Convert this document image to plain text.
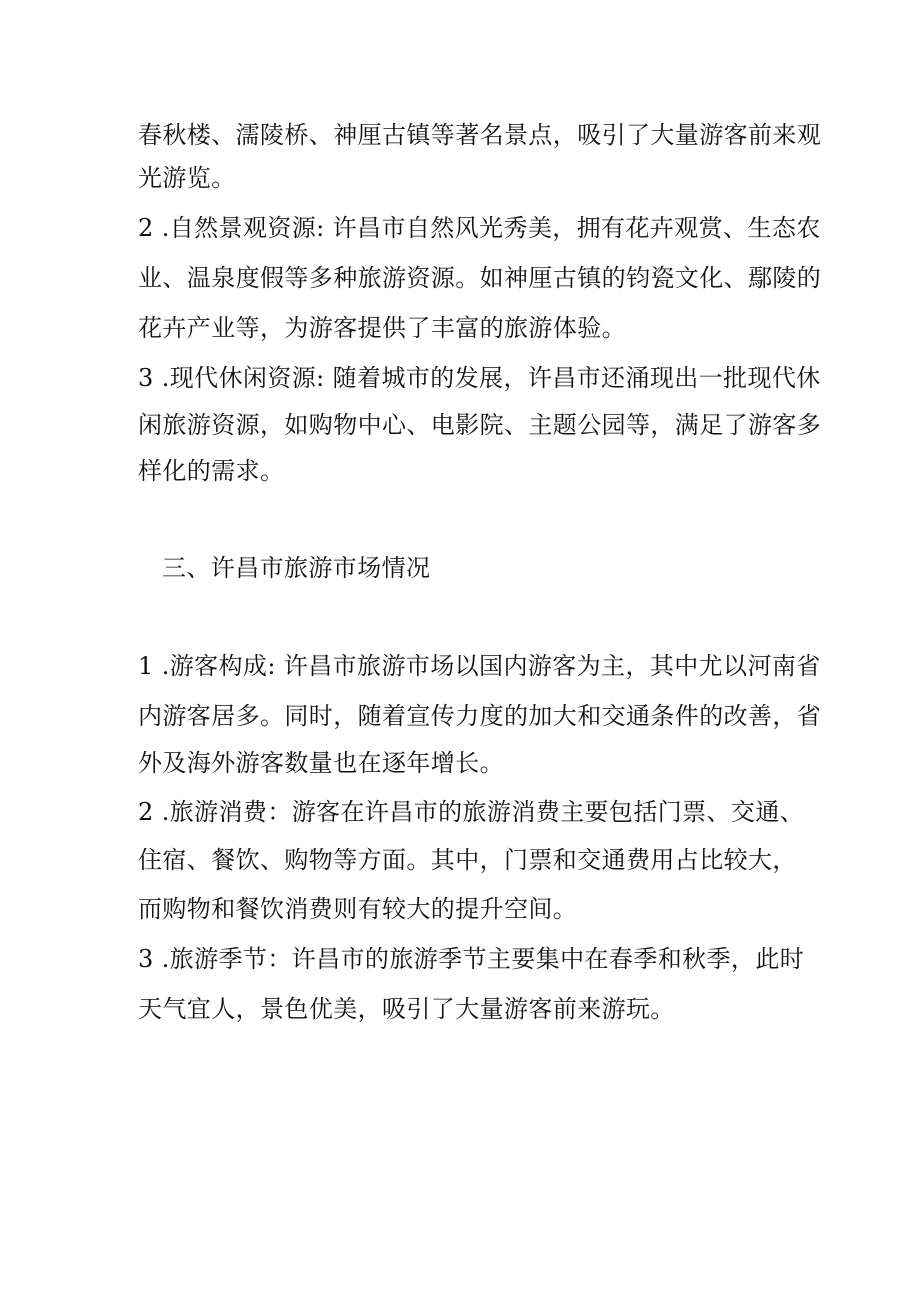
春秋楼、濡陵桥、神厘古镇等著名景点，吸引了大量游客前来观
光游览。
2 .自然景观资源: 许昌市自然风光秀美，拥有花卉观赏、生态农
业、温泉度假等多种旅游资源。如神厘古镇的钧瓷文化、鄢陵的
花卉产业等，为游客提供了丰富的旅游体验。
3 .现代休闲资源: 随着城市的发展，许昌市还涌现出一批现代休
闲旅游资源，如购物中心、电影院、主题公园等，满足了游客多
样化的需求。
三、许昌市旅游市场情况
1 .游客构成: 许昌市旅游市场以国内游客为主，其中尤以河南省
内游客居多。同时，随着宣传力度的加大和交通条件的改善，省
外及海外游客数量也在逐年增长。
2 .旅游消费：游客在许昌市的旅游消费主要包括门票、交通、
住宿、餐饮、购物等方面。其中，门票和交通费用占比较大，
而购物和餐饮消费则有较大的提升空间。
3 .旅游季节：许昌市的旅游季节主要集中在春季和秋季，此时
天气宜人，景色优美，吸引了大量游客前来游玩。
